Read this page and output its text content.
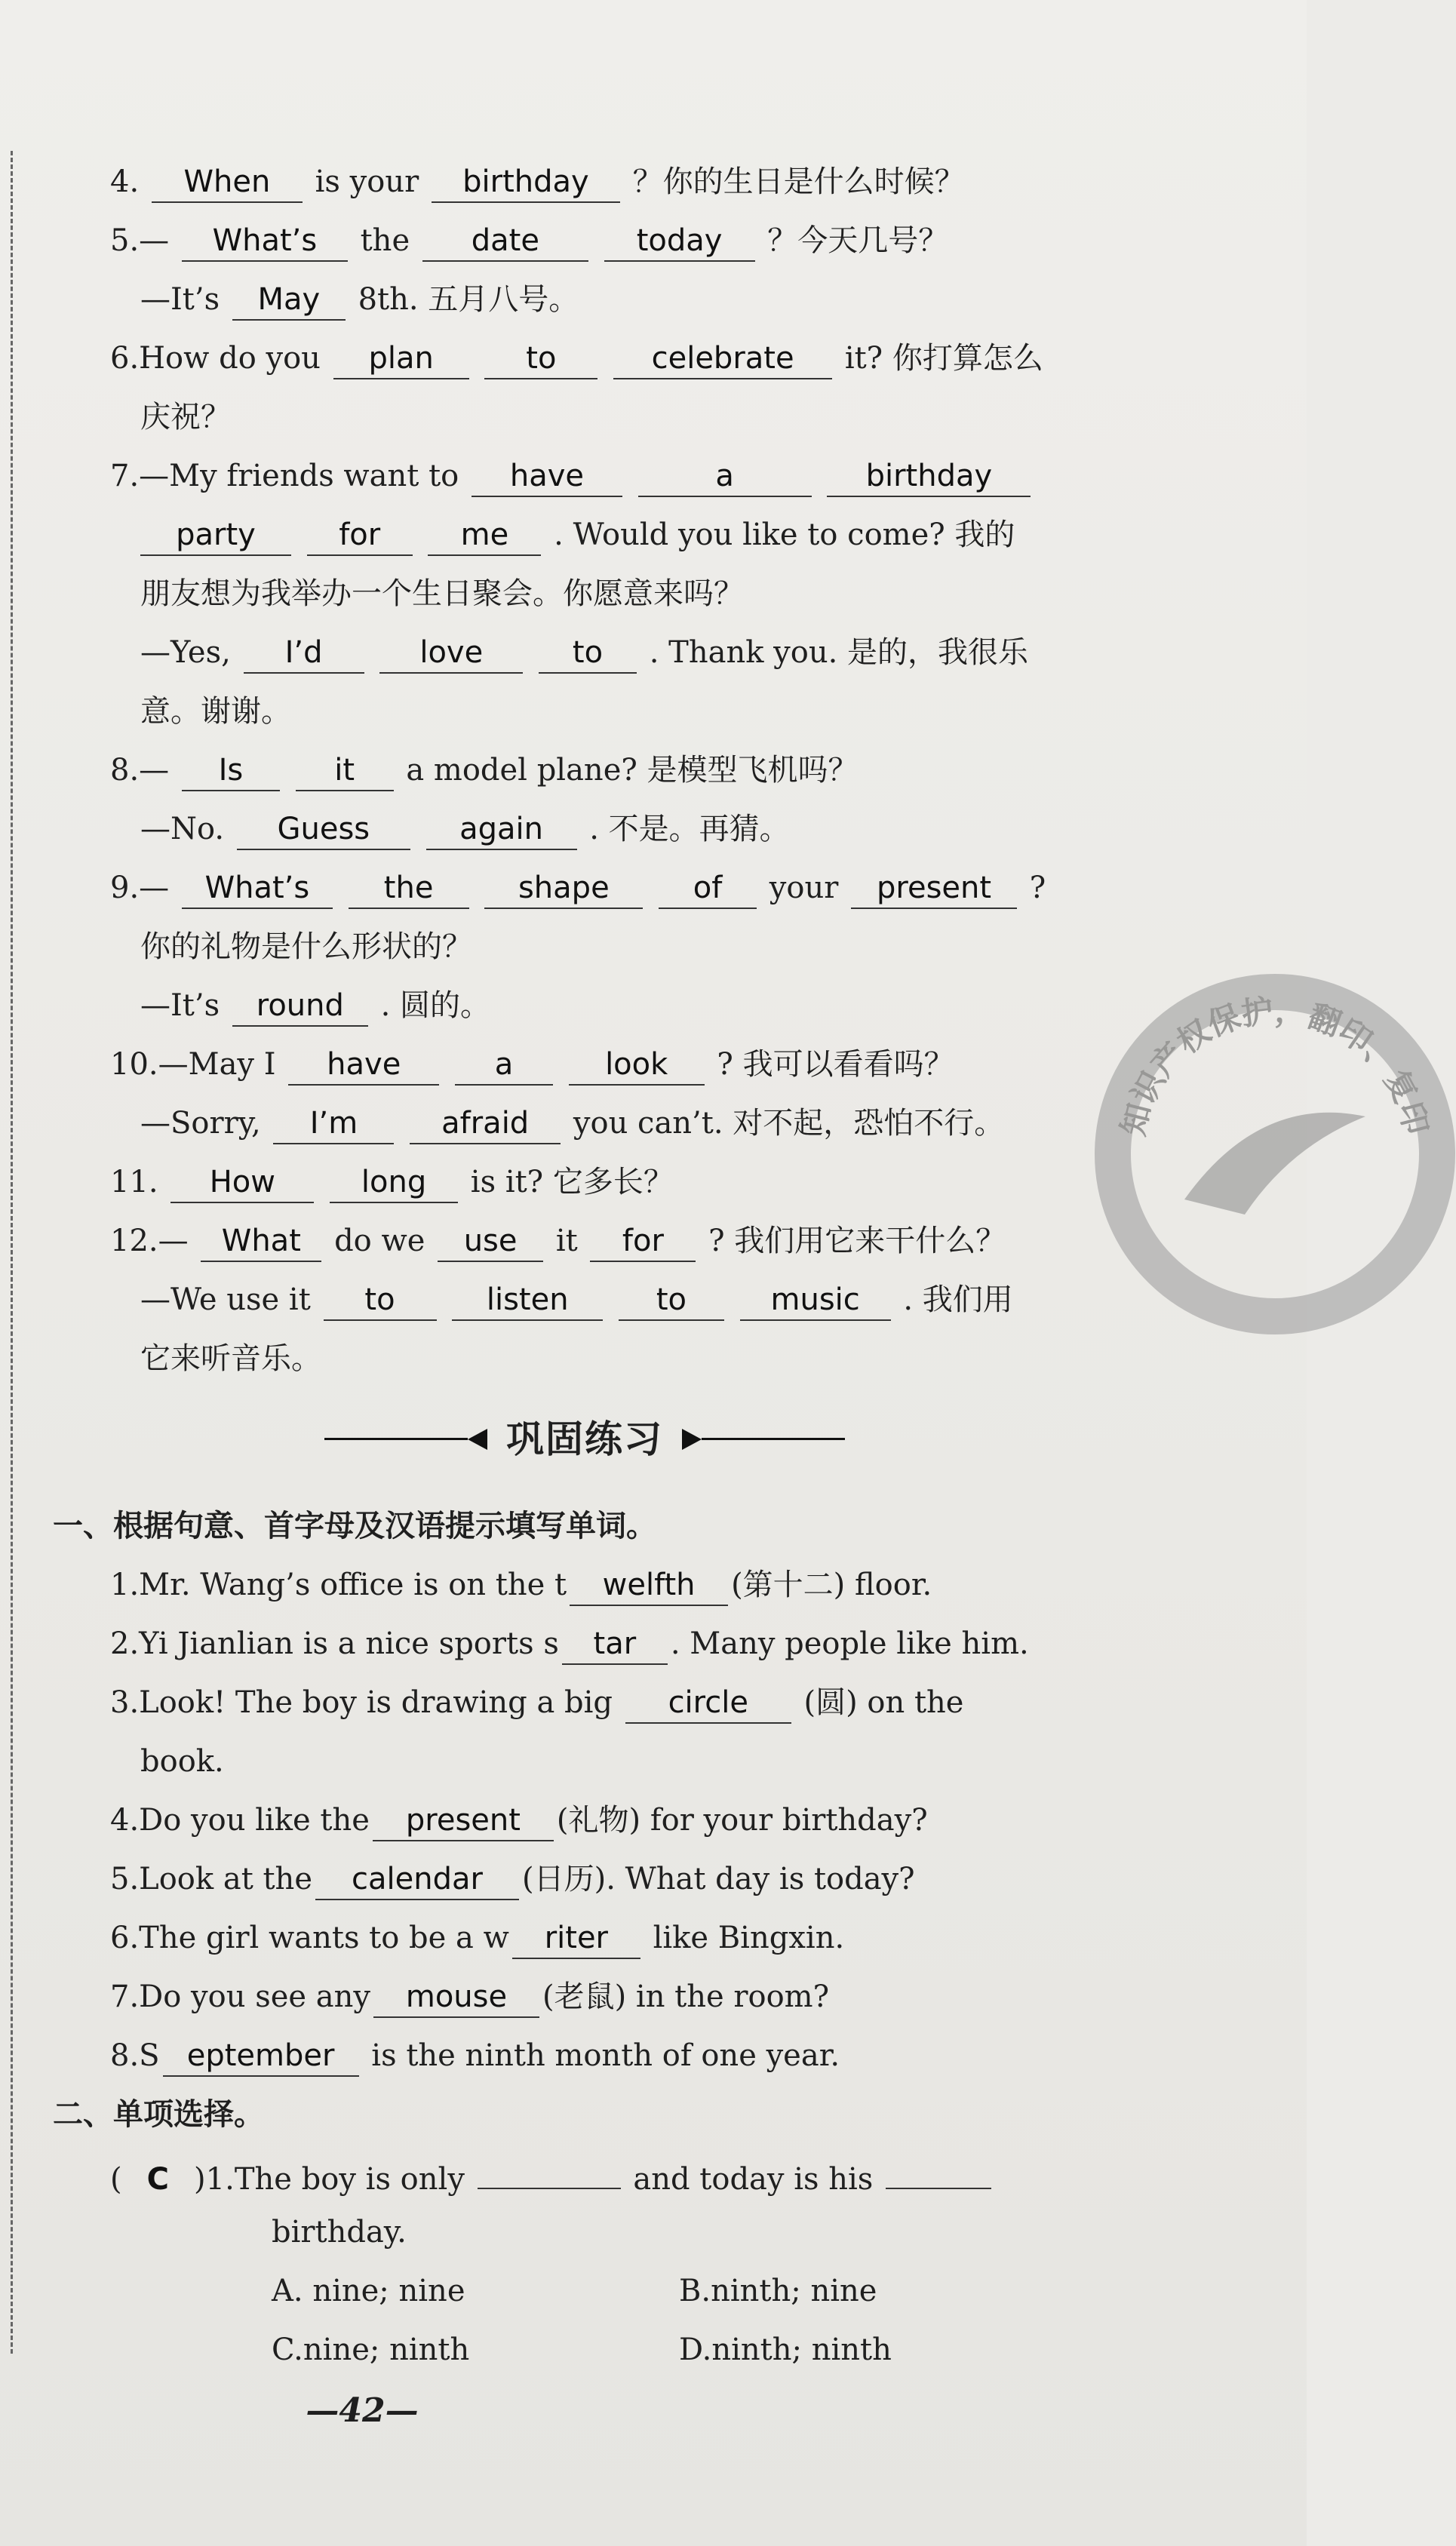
4. When is your birthday ？你的生日是什么时候？
5.— What’s the date	today ？今天几号？
—It’s May 8th. 五月八号。
6.How do you plan	to	celebrate it? 你打算怎么
庆祝？
7.—My friends want to have	a	birthday
party	for	me . Would you like to come? 我的
朋友想为我举办一个生日聚会。你愿意来吗？
—Yes, I’d	love	to . Thank you. 是的，我很乐
意。谢谢。
8.— Is	it a model plane? 是模型飞机吗？
—No. Guess	again . 不是。再猜。
9.— What’s the	shape	of your present ?
你的礼物是什么形状的？
—It’s round . 圆的。
10.—May I have	a	look ? 我可以看看吗？
—Sorry, I’m	afraid you can’t. 对不起，恐怕不行。
11. How	long is it? 它多长？
12.— What do we use it for ? 我们用它来干什么？
—We use it to	listen	to	music . 我们用
它来听音乐。
巩固练习
一、根据句意、首字母及汉语提示填写单词。
1.Mr. Wang’s office is on the t welfth (第十二) floor.
2.Yi Jianlian is a nice sports s tar . Many people like him.
3.Look! The boy is drawing a big circle (圆) on the
book.
4.Do you like the present (礼物) for your birthday?
5.Look at the calendar (日历). What day is today?
6.The girl wants to be a w riter like Bingxin.
7.Do you see any mouse (老鼠) in the room?
8.S eptember is the ninth month of one year.
二、单项选择。
( C )1.The boy is only	and today is his
birthday.
A. nine; nine	B.ninth; nine
C.nine; ninth	D.ninth; ninth
—42—
知识产权保护，翻印、复印
